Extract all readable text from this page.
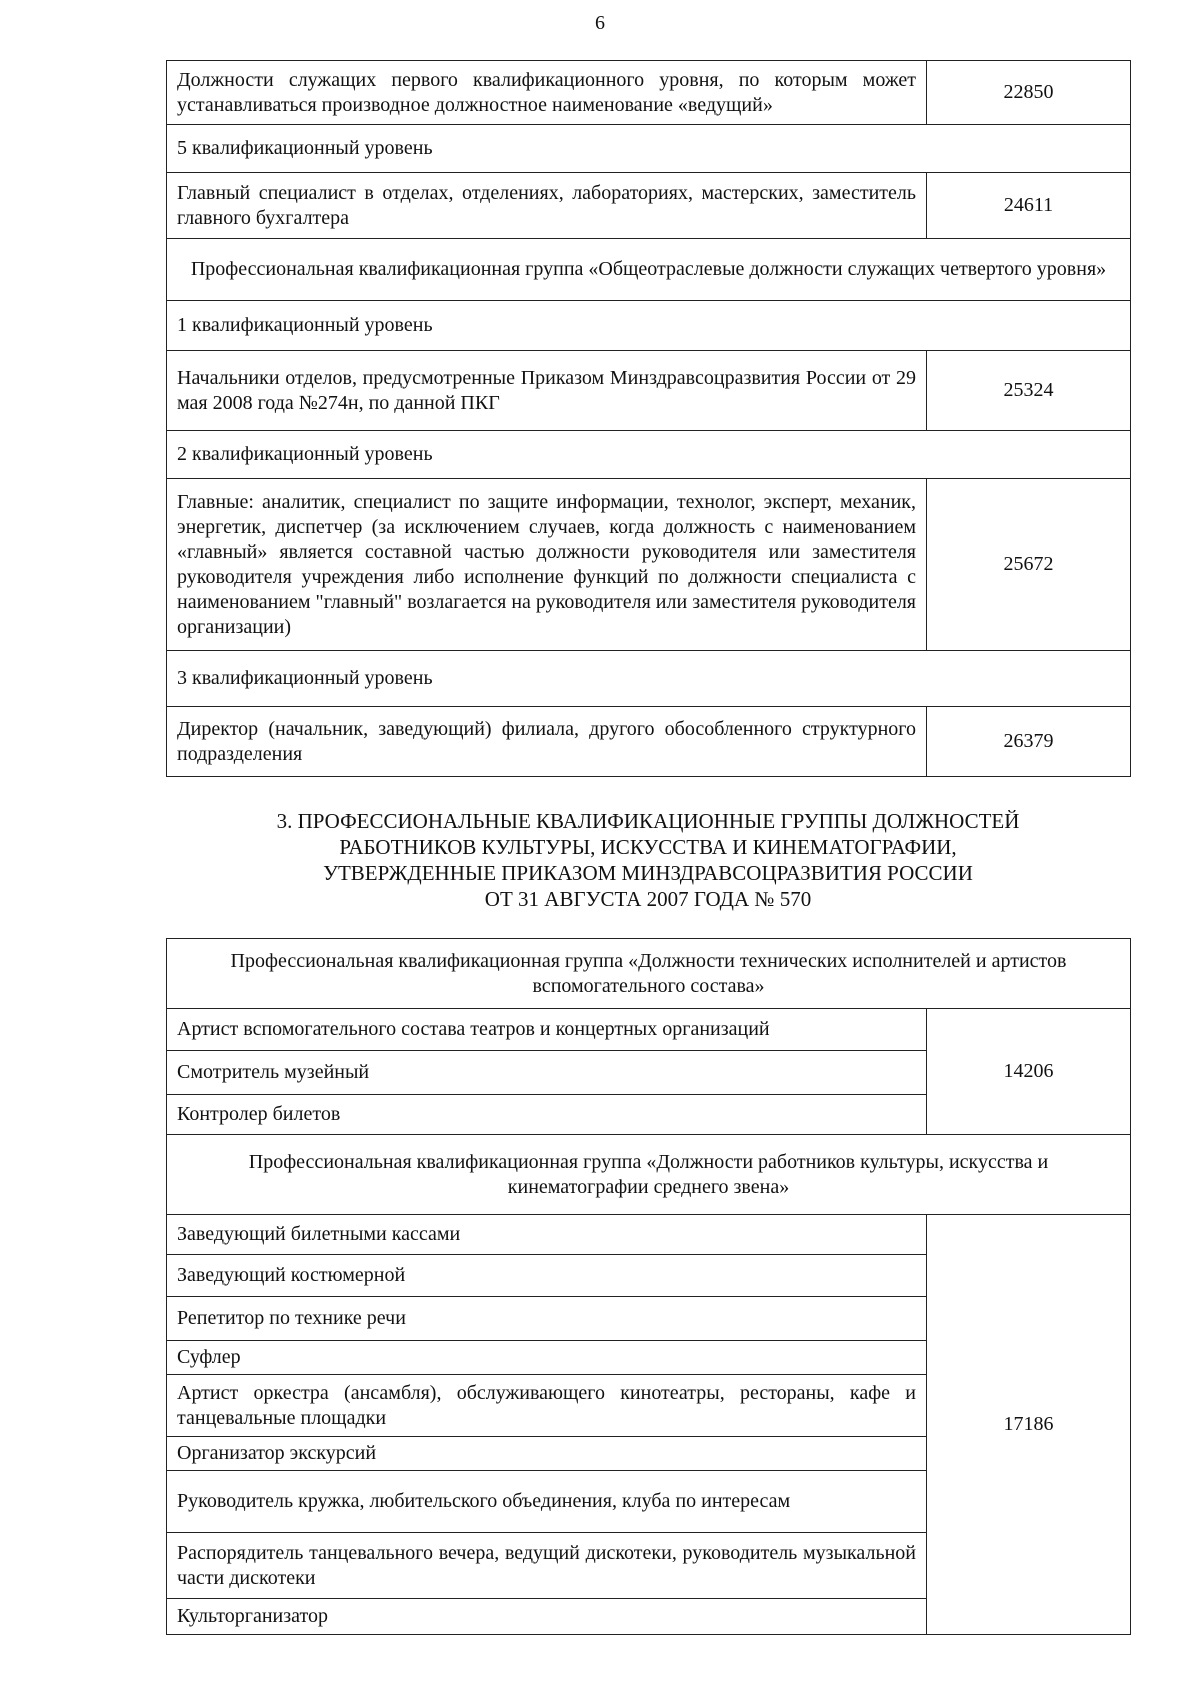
6
Должности служащих первого квалификационного уровня, по которым может устанавливаться производное должностное наименование «ведущий»	22850
5 квалификационный уровень	
Главный специалист в отделах, отделениях, лабораториях, мастерских, заместитель главного бухгалтера	24611
Профессиональная квалификационная группа «Общеотраслевые должности служащих четвертого уровня»	
1 квалификационный уровень	
Начальники отделов, предусмотренные Приказом Минздравсоцразвития России от 29 мая 2008 года №274н, по данной ПКГ	25324
2 квалификационный уровень	
Главные: аналитик, специалист по защите информации, технолог, эксперт, механик, энергетик, диспетчер (за исключением случаев, когда должность с наименованием «главный» является составной частью должности руководителя или заместителя руководителя учреждения либо исполнение функций по должности специалиста с наименованием "главный" возлагается на руководителя или заместителя руководителя организации)	25672
3 квалификационный уровень	
Директор (начальник, заведующий) филиала, другого обособленного структурного подразделения	26379
3. ПРОФЕССИОНАЛЬНЫЕ КВАЛИФИКАЦИОННЫЕ ГРУППЫ ДОЛЖНОСТЕЙ
РАБОТНИКОВ КУЛЬТУРЫ, ИСКУССТВА И КИНЕМАТОГРАФИИ,
УТВЕРЖДЕННЫЕ ПРИКАЗОМ МИНЗДРАВСОЦРАЗВИТИЯ РОССИИ
ОТ 31 АВГУСТА 2007 ГОДА № 570
Профессиональная квалификационная группа «Должности технических исполнителей и артистов вспомогательного состава»	
Артист вспомогательного состава театров и концертных организаций	14206
Смотритель музейный	
Контролер билетов	
Профессиональная квалификационная группа «Должности работников культуры, искусства и кинематографии среднего звена»	
Заведующий билетными кассами	17186
Заведующий костюмерной	
Репетитор по технике речи	
Суфлер	
Артист оркестра (ансамбля), обслуживающего кинотеатры, рестораны, кафе и танцевальные площадки	
Организатор экскурсий	
Руководитель кружка, любительского объединения, клуба по интересам	
Распорядитель танцевального вечера, ведущий дискотеки, руководитель музыкальной части дискотеки	
Культорганизатор	
